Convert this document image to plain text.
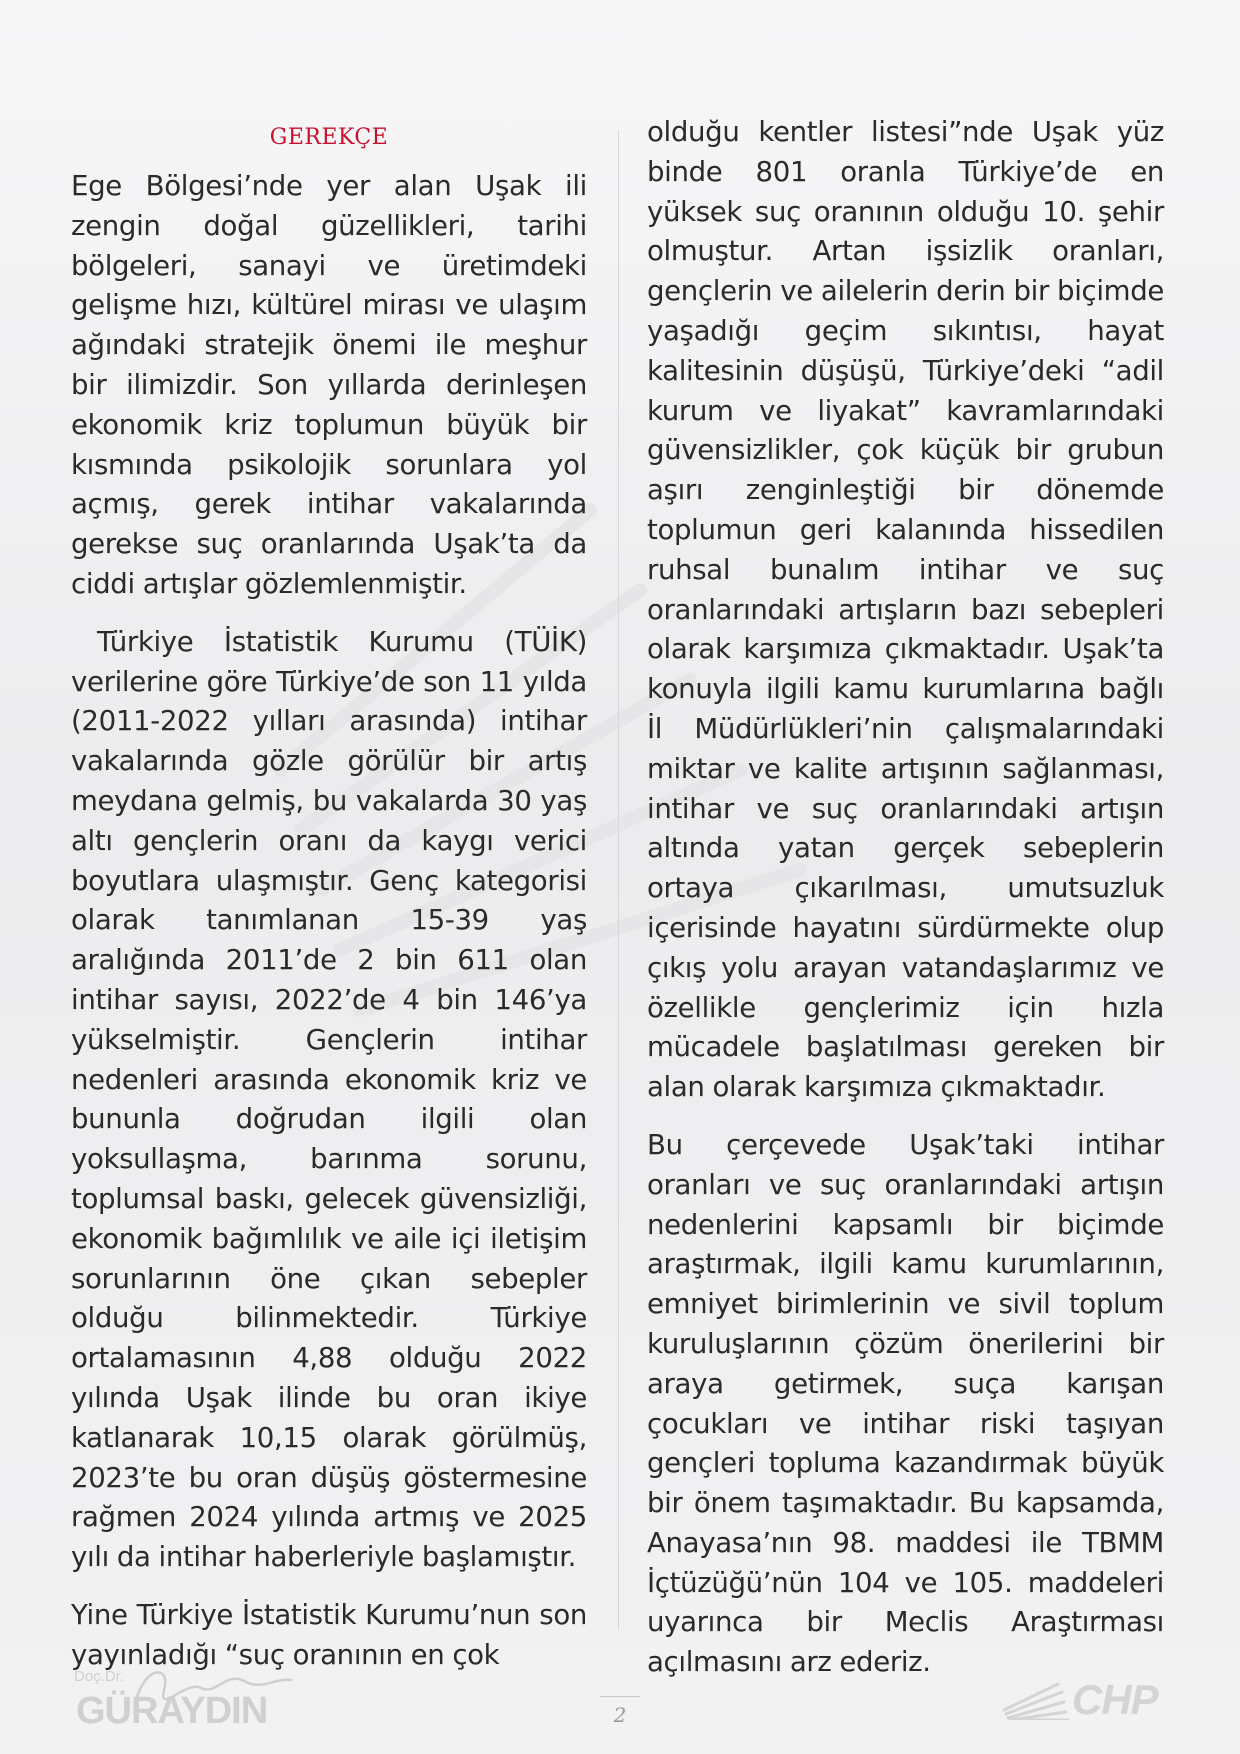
GEREKÇE

Ege Bölgesi’nde yer alan Uşak ili zengin doğal güzellikleri, tarihi bölgeleri, sanayi ve üretimdeki gelişme hızı, kültürel mirası ve ulaşım ağındaki stratejik önemi ile meşhur bir ilimizdir. Son yıllarda derinleşen ekonomik kriz toplumun büyük bir kısmında psikolojik sorunlara yol açmış, gerek intihar vakalarında gerekse suç oranlarında Uşak’ta da ciddi artışlar gözlemlenmiştir.

Türkiye İstatistik Kurumu (TÜİK) verilerine göre Türkiye’de son 11 yılda (2011-2022 yılları arasında) intihar vakalarında gözle görülür bir artış meydana gelmiş, bu vakalarda 30 yaş altı gençlerin oranı da kaygı verici boyutlara ulaşmıştır. Genç kategorisi olarak tanımlanan 15-39 yaş aralığında 2011’de 2 bin 611 olan intihar sayısı, 2022’de 4 bin 146’ya yükselmiştir. Gençlerin intihar nedenleri arasında ekonomik kriz ve bununla doğrudan ilgili olan yoksullaşma, barınma sorunu, toplumsal baskı, gelecek güvensizliği, ekonomik bağımlılık ve aile içi iletişim sorunlarının öne çıkan sebepler olduğu bilinmektedir. Türkiye ortalamasının 4,88 olduğu 2022 yılında Uşak ilinde bu oran ikiye katlanarak 10,15 olarak görülmüş, 2023’te bu oran düşüş göstermesine rağmen 2024 yılında artmış ve 2025 yılı da intihar haberleriyle başlamıştır.

Yine Türkiye İstatistik Kurumu’nun son yayınladığı “suç oranının en çok

olduğu kentler listesi”nde Uşak yüz binde 801 oranla Türkiye’de en yüksek suç oranının olduğu 10. şehir olmuştur. Artan işsizlik oranları, gençlerin ve ailelerin derin bir biçimde yaşadığı geçim sıkıntısı, hayat kalitesinin düşüşü, Türkiye’deki “adil kurum ve liyakat” kavramlarındaki güvensizlikler, çok küçük bir grubun aşırı zenginleştiği bir dönemde toplumun geri kalanında hissedilen ruhsal bunalım intihar ve suç oranlarındaki artışların bazı sebepleri olarak karşımıza çıkmaktadır. Uşak’ta konuyla ilgili kamu kurumlarına bağlı İl Müdürlükleri’nin çalışmalarındaki miktar ve kalite artışının sağlanması, intihar ve suç oranlarındaki artışın altında yatan gerçek sebeplerin ortaya çıkarılması, umutsuzluk içerisinde hayatını sürdürmekte olup çıkış yolu arayan vatandaşlarımız ve özellikle gençlerimiz için hızla mücadele başlatılması gereken bir alan olarak karşımıza çıkmaktadır.

Bu çerçevede Uşak’taki intihar oranları ve suç oranlarındaki artışın nedenlerini kapsamlı bir biçimde araştırmak, ilgili kamu kurumlarının, emniyet birimlerinin ve sivil toplum kuruluşlarının çözüm önerilerini bir araya getirmek, suça karışan çocukları ve intihar riski taşıyan gençleri topluma kazandırmak büyük bir önem taşımaktadır. Bu kapsamda, Anayasa’nın 98. maddesi ile TBMM İçtüzüğü’nün 104 ve 105. maddeleri uyarınca bir Meclis Araştırması açılmasını arz ederiz.

Doç.Dr.
GÜRAYDIN	2	CHP
